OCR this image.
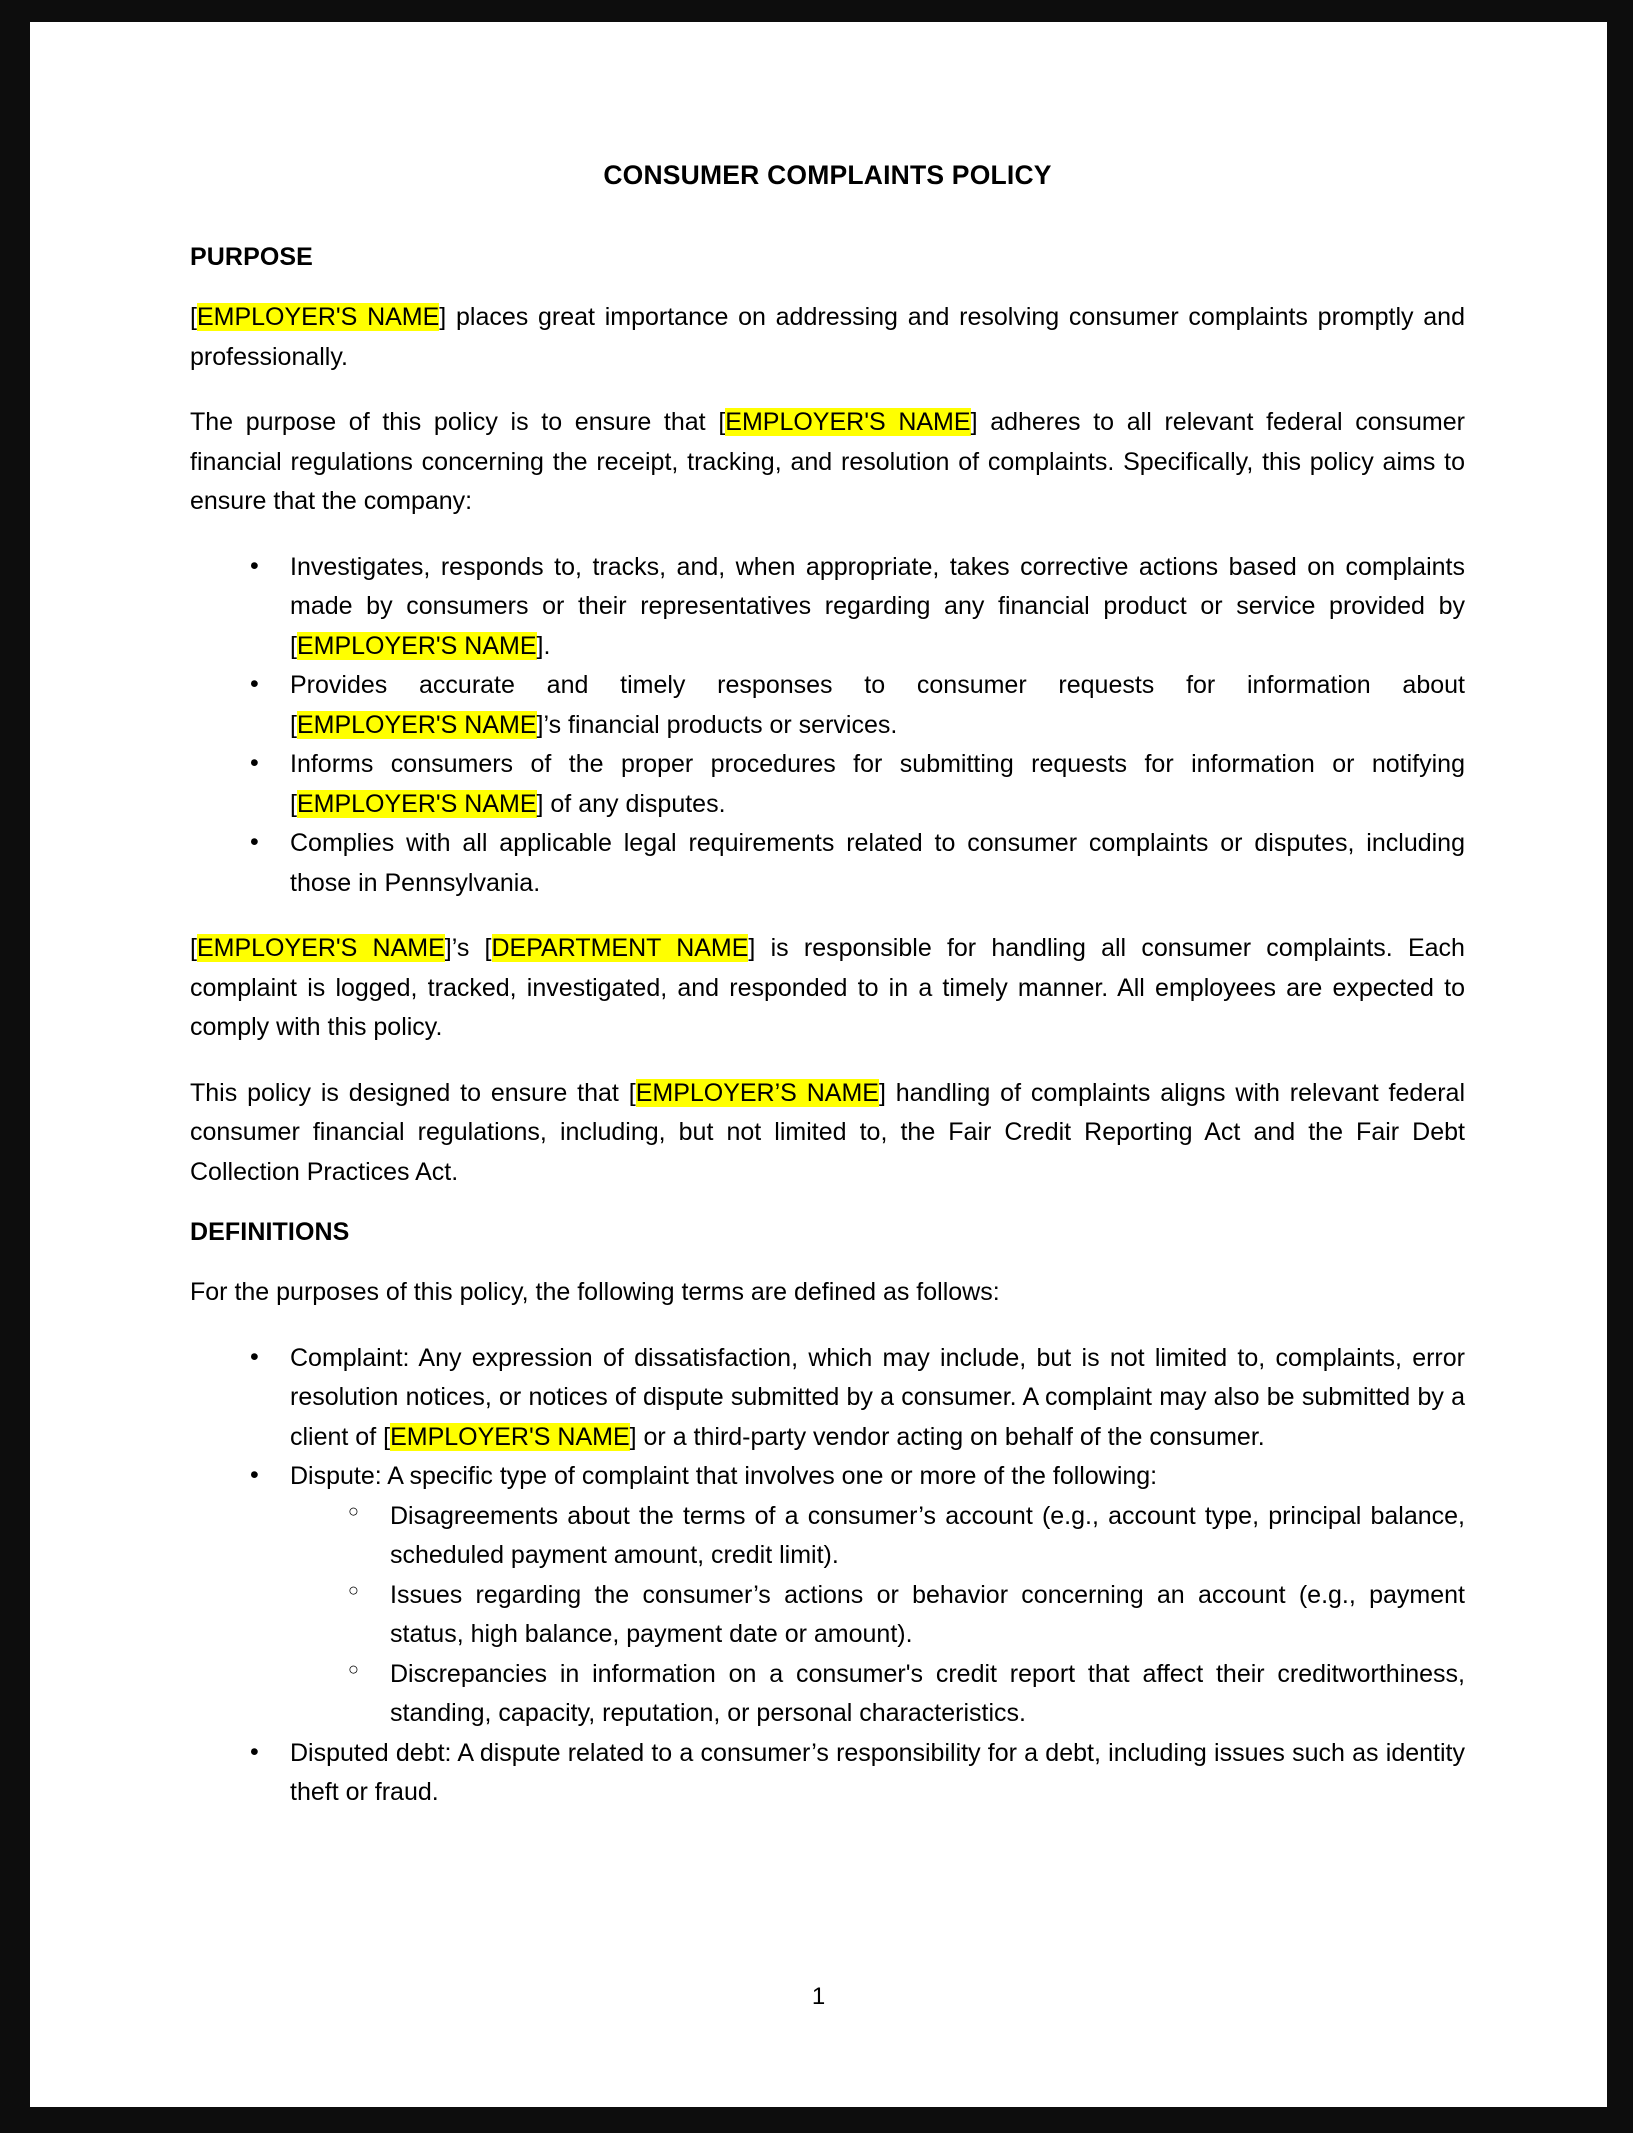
CONSUMER COMPLAINTS POLICY
PURPOSE

[EMPLOYER'S NAME] places great importance on addressing and resolving consumer complaints promptly and professionally.

The purpose of this policy is to ensure that [EMPLOYER'S NAME] adheres to all relevant federal consumer financial regulations concerning the receipt, tracking, and resolution of complaints. Specifically, this policy aims to ensure that the company:

• Investigates, responds to, tracks, and, when appropriate, takes corrective actions based on complaints made by consumers or their representatives regarding any financial product or service provided by [EMPLOYER'S NAME].
• Provides accurate and timely responses to consumer requests for information about [EMPLOYER'S NAME]’s financial products or services.
• Informs consumers of the proper procedures for submitting requests for information or notifying [EMPLOYER'S NAME] of any disputes.
• Complies with all applicable legal requirements related to consumer complaints or disputes, including those in Pennsylvania.

[EMPLOYER'S NAME]’s [DEPARTMENT NAME] is responsible for handling all consumer complaints. Each complaint is logged, tracked, investigated, and responded to in a timely manner. All employees are expected to comply with this policy.

This policy is designed to ensure that [EMPLOYER’S NAME] handling of complaints aligns with relevant federal consumer financial regulations, including, but not limited to, the Fair Credit Reporting Act and the Fair Debt Collection Practices Act.

DEFINITIONS

For the purposes of this policy, the following terms are defined as follows:

• Complaint: Any expression of dissatisfaction, which may include, but is not limited to, complaints, error resolution notices, or notices of dispute submitted by a consumer. A complaint may also be submitted by a client of [EMPLOYER'S NAME] or a third-party vendor acting on behalf of the consumer.
• Dispute: A specific type of complaint that involves one or more of the following:
○ Disagreements about the terms of a consumer’s account (e.g., account type, principal balance, scheduled payment amount, credit limit).
○ Issues regarding the consumer’s actions or behavior concerning an account (e.g., payment status, high balance, payment date or amount).
○ Discrepancies in information on a consumer's credit report that affect their creditworthiness, standing, capacity, reputation, or personal characteristics.
• Disputed debt: A dispute related to a consumer’s responsibility for a debt, including issues such as identity theft or fraud.
1
